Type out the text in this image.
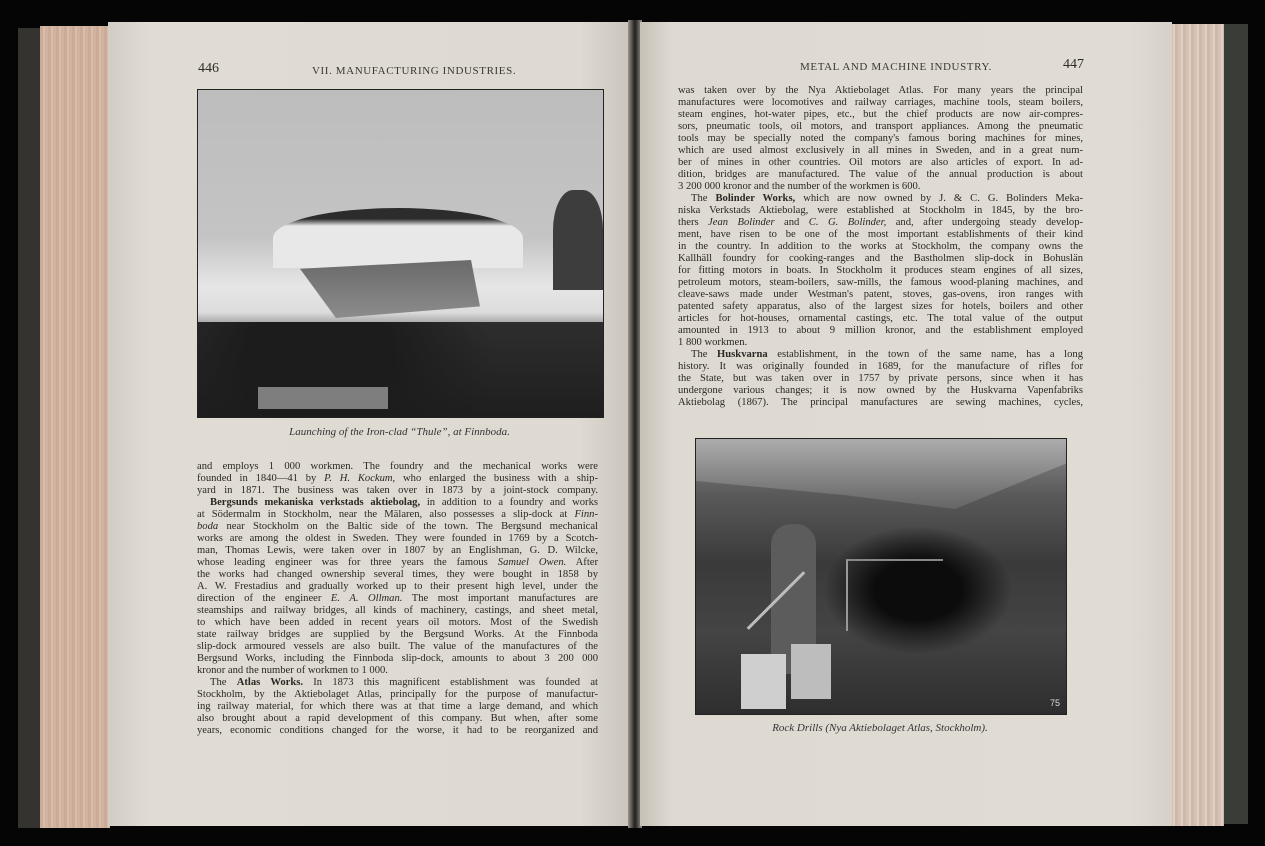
446	VII. MANUFACTURING INDUSTRIES.
Launching of the Iron-clad “Thule”, at Finnboda.
and employs 1 000 workmen. The foundry and the mechanical works were
founded in 1840—41 by P. H. Kockum, who enlarged the business with a ship-
yard in 1871. The business was taken over in 1873 by a joint-stock company.
Bergsunds mekaniska verkstads aktiebolag, in addition to a foundry and works
at Södermalm in Stockholm, near the Mälaren, also possesses a slip-dock at Finn-
boda near Stockholm on the Baltic side of the town. The Bergsund mechanical
works are among the oldest in Sweden. They were founded in 1769 by a Scotch-
man, Thomas Lewis, were taken over in 1807 by an Englishman, G. D. Wilcke,
whose leading engineer was for three years the famous Samuel Owen. After
the works had changed ownership several times, they were bought in 1858 by
A. W. Frestadius and gradually worked up to their present high level, under the
direction of the engineer E. A. Ollman. The most important manufactures are
steamships and railway bridges, all kinds of machinery, castings, and sheet metal,
to which have been added in recent years oil motors. Most of the Swedish
state railway bridges are supplied by the Bergsund Works. At the Finnboda
slip-dock armoured vessels are also built. The value of the manufactures of the
Bergsund Works, including the Finnboda slip-dock, amounts to about 3 200 000
kronor and the number of workmen to 1 000.
The Atlas Works. In 1873 this magnificent establishment was founded at
Stockholm, by the Aktiebolaget Atlas, principally for the purpose of manufactur-
ing railway material, for which there was at that time a large demand, and which
also brought about a rapid development of this company. But when, after some
years, economic conditions changed for the worse, it had to be reorganized and
METAL AND MACHINE INDUSTRY.	447
was taken over by the Nya Aktiebolaget Atlas. For many years the principal
manufactures were locomotives and railway carriages, machine tools, steam boilers,
steam engines, hot-water pipes, etc., but the chief products are now air-compres-
sors, pneumatic tools, oil motors, and transport appliances. Among the pneumatic
tools may be specially noted the company's famous boring machines for mines,
which are used almost exclusively in all mines in Sweden, and in a great num-
ber of mines in other countries. Oil motors are also articles of export. In ad-
dition, bridges are manufactured. The value of the annual production is about
3 200 000 kronor and the number of the workmen is 600.
The Bolinder Works, which are now owned by J. & C. G. Bolinders Meka-
niska Verkstads Aktiebolag, were established at Stockholm in 1845, by the bro-
thers Jean Bolinder and C. G. Bolinder, and, after undergoing steady develop-
ment, have risen to be one of the most important establishments of their kind
in the country. In addition to the works at Stockholm, the company owns the
Kallhäll foundry for cooking-ranges and the Bastholmen slip-dock in Bohuslän
for fitting motors in boats. In Stockholm it produces steam engines of all sizes,
petroleum motors, steam-boilers, saw-mills, the famous wood-planing machines, and
cleave-saws made under Westman's patent, stoves, gas-ovens, iron ranges with
patented safety apparatus, also of the largest sizes for hotels, boilers and other
articles for hot-houses, ornamental castings, etc. The total value of the output
amounted in 1913 to about 9 million kronor, and the establishment employed
1 800 workmen.
The Huskvarna establishment, in the town of the same name, has a long
history. It was originally founded in 1689, for the manufacture of rifles for
the State, but was taken over in 1757 by private persons, since when it has
undergone various changes; it is now owned by the Huskvarna Vapenfabriks
Aktiebolag (1867). The principal manufactures are sewing machines, cycles,
75
Rock Drills (Nya Aktiebolaget Atlas, Stockholm).
